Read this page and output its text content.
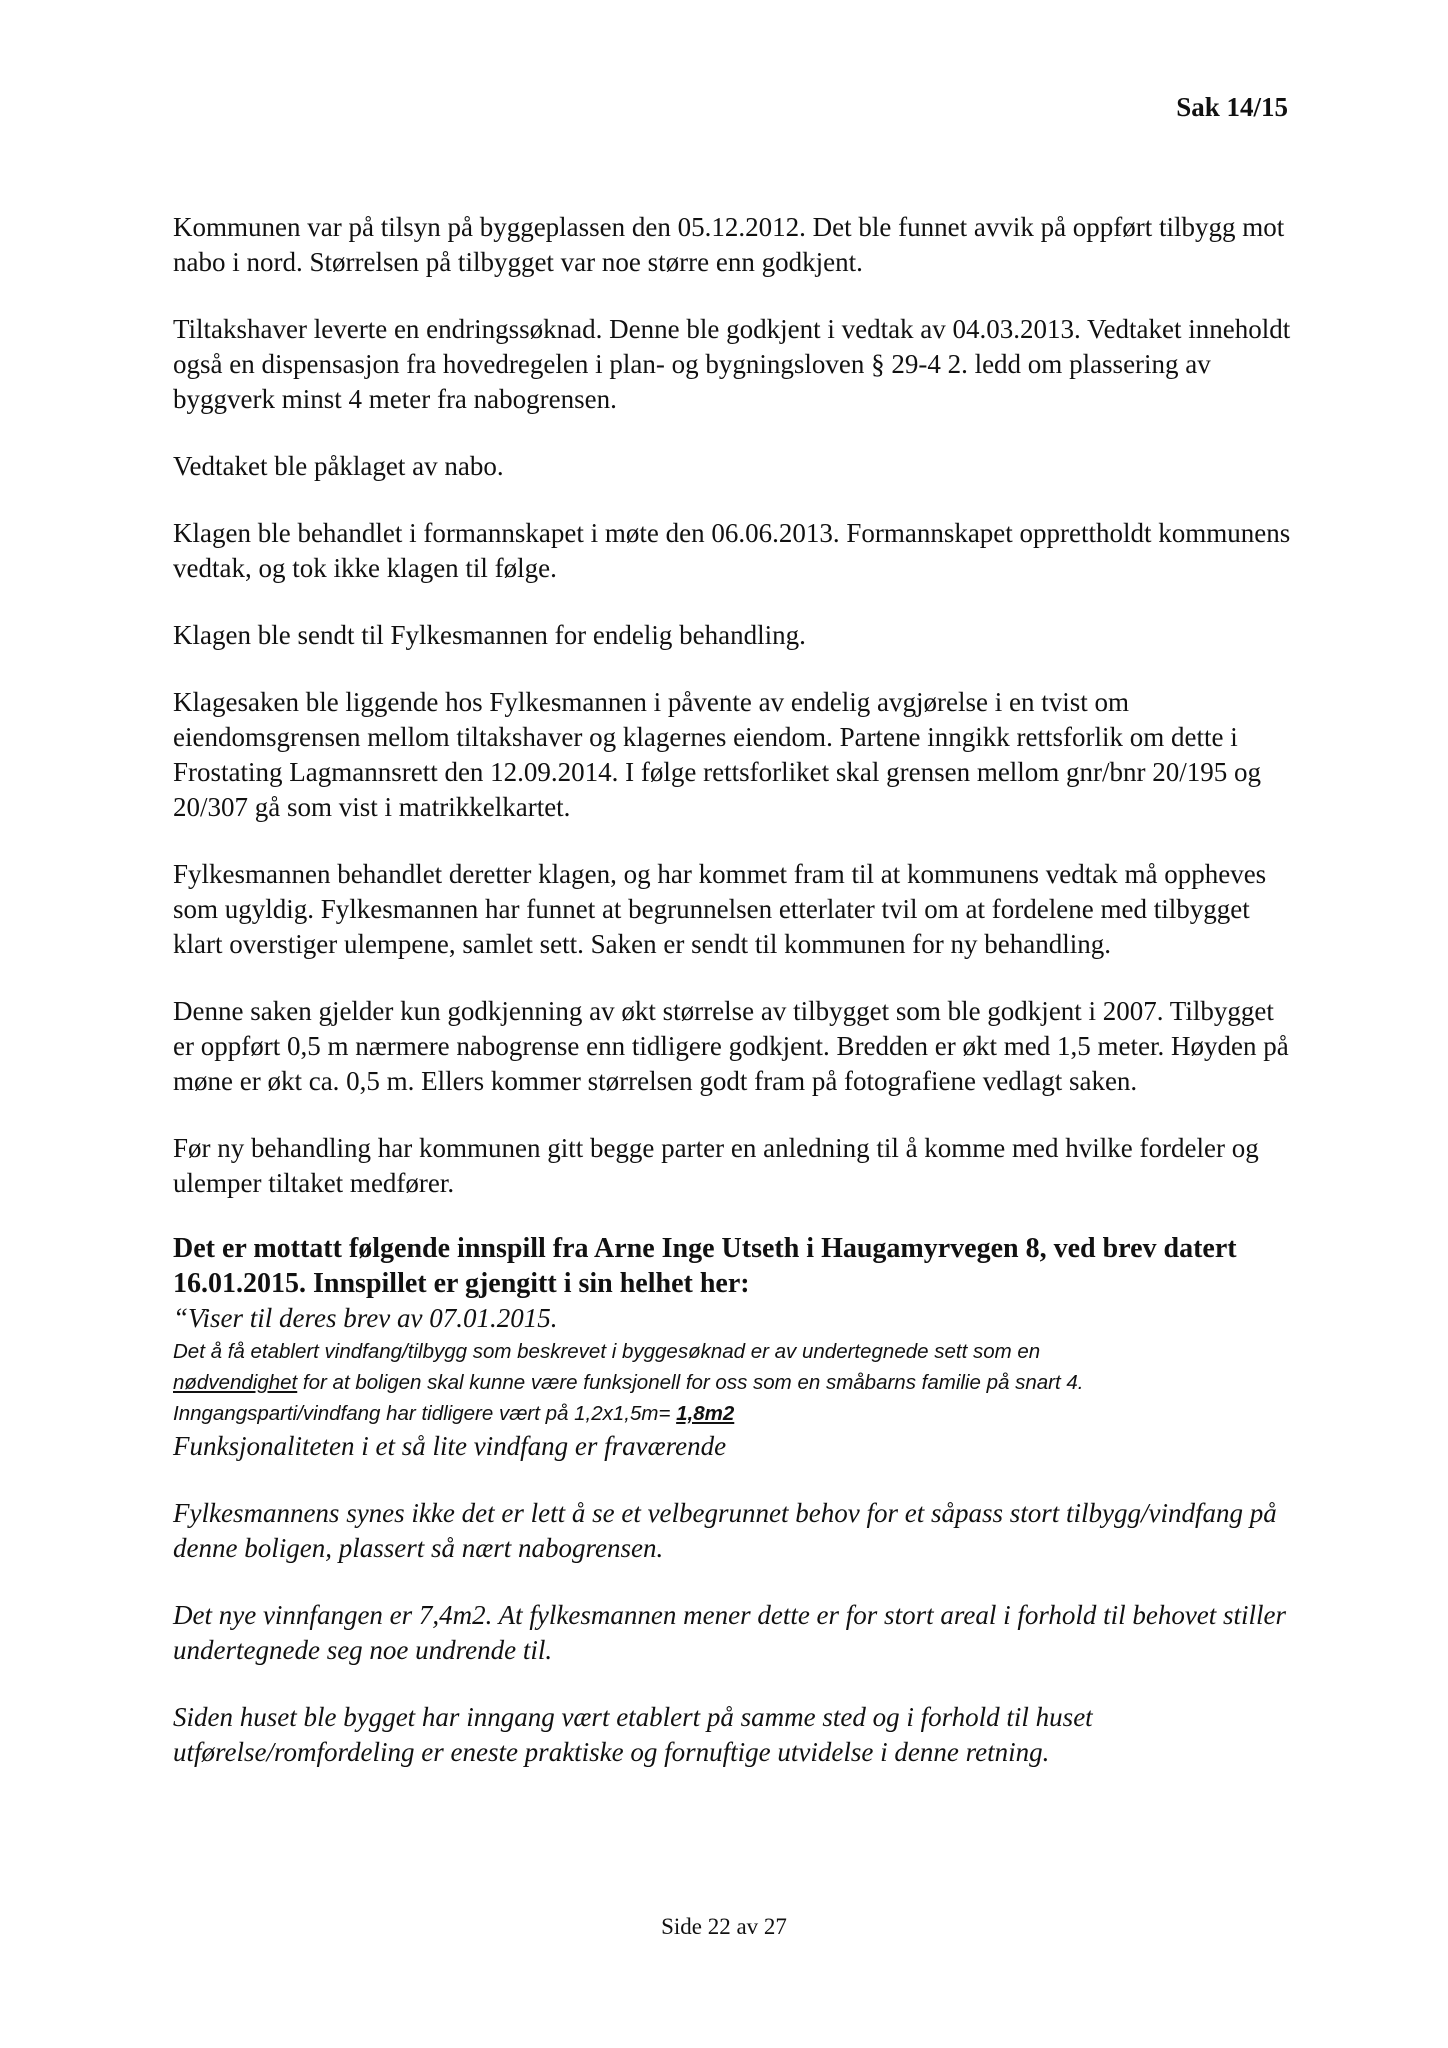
Sak 14/15

Kommunen var på tilsyn på byggeplassen den 05.12.2012. Det ble funnet avvik på oppført tilbygg mot nabo i nord. Størrelsen på tilbygget var noe større enn godkjent.

Tiltakshaver leverte en endringssøknad. Denne ble godkjent i vedtak av 04.03.2013. Vedtaket inneholdt også en dispensasjon fra hovedregelen i plan- og bygningsloven § 29-4 2. ledd om plassering av byggverk minst 4 meter fra nabogrensen.

Vedtaket ble påklaget av nabo.

Klagen ble behandlet i formannskapet i møte den 06.06.2013. Formannskapet opprettholdt kommunens vedtak, og tok ikke klagen til følge.

Klagen ble sendt til Fylkesmannen for endelig behandling.

Klagesaken ble liggende hos Fylkesmannen i påvente av endelig avgjørelse i en tvist om eiendomsgrensen mellom tiltakshaver og klagernes eiendom. Partene inngikk rettsforlik om dette i Frostating Lagmannsrett den 12.09.2014. I følge rettsforliket skal grensen mellom gnr/bnr 20/195 og 20/307 gå som vist i matrikkelkartet.

Fylkesmannen behandlet deretter klagen, og har kommet fram til at kommunens vedtak må oppheves som ugyldig. Fylkesmannen har funnet at begrunnelsen etterlater tvil om at fordelene med tilbygget klart overstiger ulempene, samlet sett. Saken er sendt til kommunen for ny behandling.

Denne saken gjelder kun godkjenning av økt størrelse av tilbygget som ble godkjent i 2007. Tilbygget er oppført 0,5 m nærmere nabogrense enn tidligere godkjent. Bredden er økt med 1,5 meter. Høyden på møne er økt ca. 0,5 m. Ellers kommer størrelsen godt fram på fotografiene vedlagt saken.

Før ny behandling har kommunen gitt begge parter en anledning til å komme med hvilke fordeler og ulemper tiltaket medfører.

Det er mottatt følgende innspill fra Arne Inge Utseth i Haugamyrvegen 8, ved brev datert 16.01.2015. Innspillet er gjengitt i sin helhet her:

“Viser til deres brev av 07.01.2015.

Det å få etablert vindfang/tilbygg som beskrevet i byggesøknad er av undertegnede sett som en

nødvendighet for at boligen skal kunne være funksjonell for oss som en småbarns familie på snart 4.

Inngangsparti/vindfang har tidligere vært på 1,2x1,5m= 1,8m2

Funksjonaliteten i et så lite vindfang er fraværende

Fylkesmannens synes ikke det er lett å se et velbegrunnet behov for et såpass stort tilbygg/vindfang på denne boligen, plassert så nært nabogrensen.

Det nye vinnfangen er 7,4m2. At fylkesmannen mener dette er for stort areal i forhold til behovet stiller undertegnede seg noe undrende til.

Siden huset ble bygget har inngang vært etablert på samme sted og i forhold til huset utførelse/romfordeling er eneste praktiske og fornuftige utvidelse i denne retning.

Side 22 av 27
